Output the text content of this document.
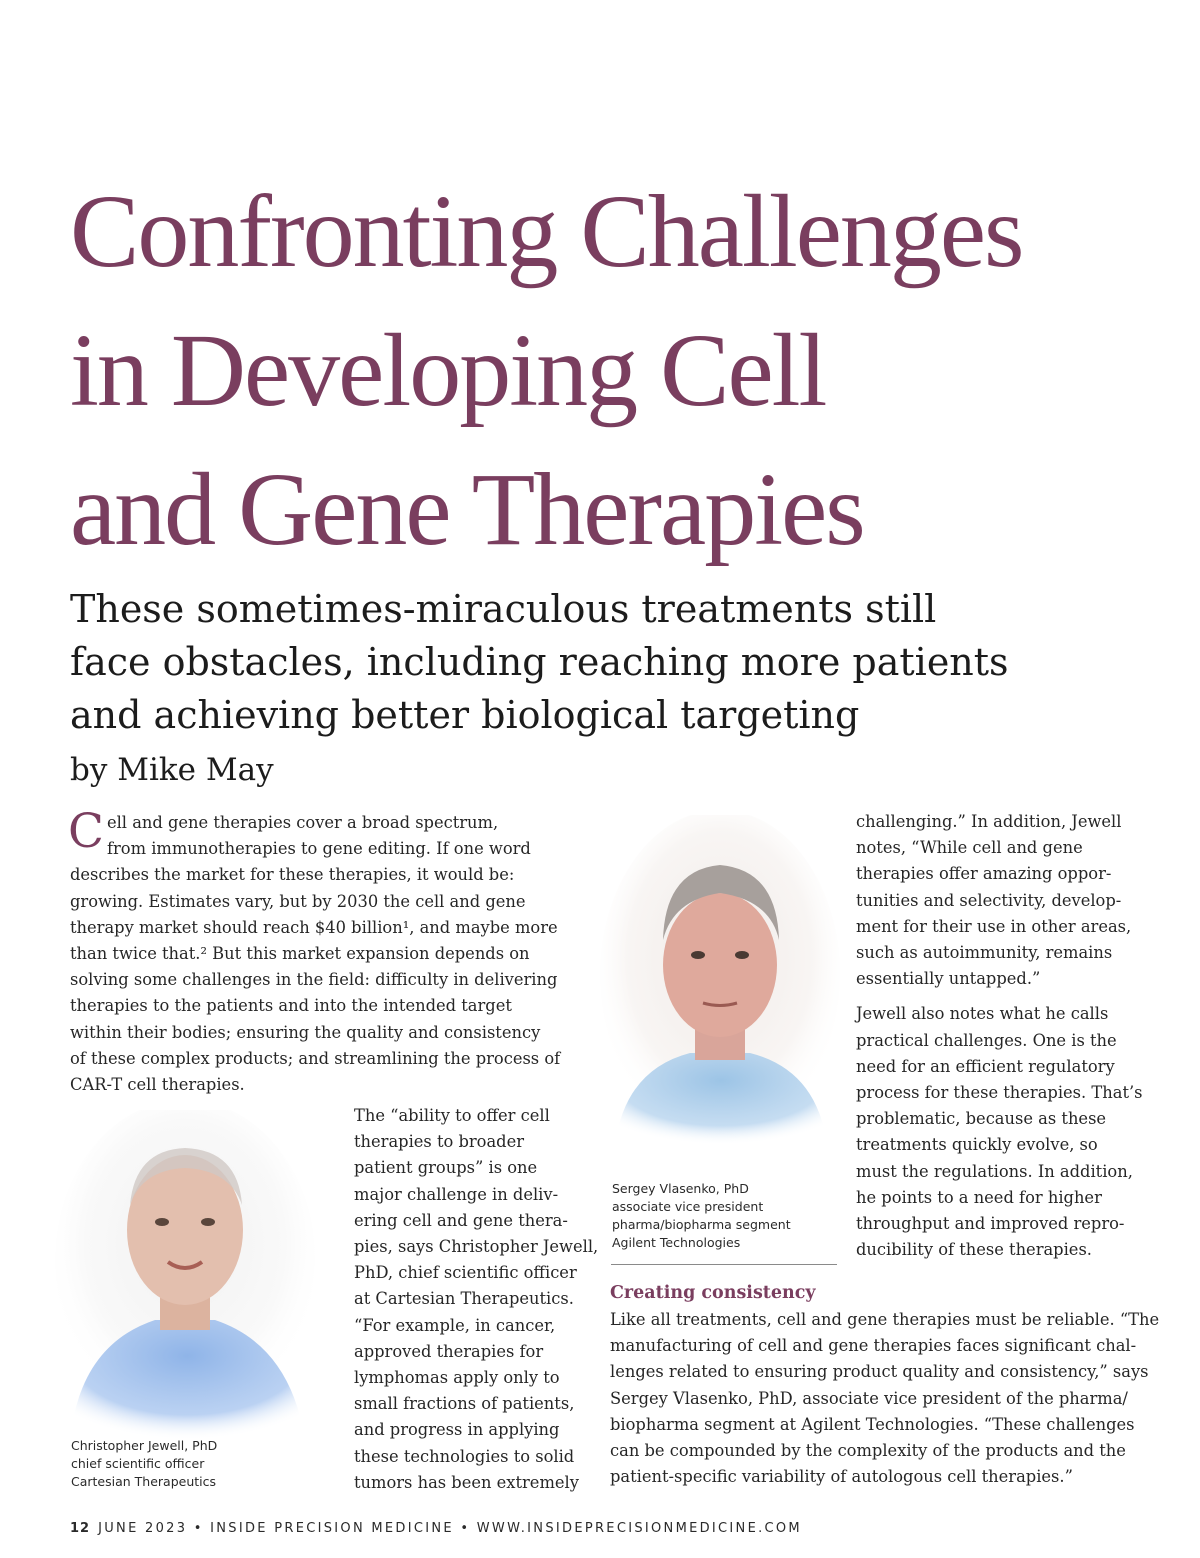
Confronting Challenges
in Developing Cell
and Gene Therapies
These sometimes-miraculous treatments still
face obstacles, including reaching more patients
and achieving better biological targeting

by Mike May

C ell and gene therapies cover a broad spectrum,
from immunotherapies to gene editing. If one word
describes the market for these therapies, it would be:
growing. Estimates vary, but by 2030 the cell and gene
therapy market should reach $40 billion¹, and maybe more
than twice that.² But this market expansion depends on
solving some challenges in the field: difficulty in delivering
therapies to the patients and into the intended target
within their bodies; ensuring the quality and consistency
of these complex products; and streamlining the process of
CAR-T cell therapies.
Christopher Jewell, PhD
chief scientific officer
Cartesian Therapeutics
The “ability to offer cell
therapies to broader
patient groups” is one
major challenge in deliv-
ering cell and gene thera-
pies, says Christopher Jewell,
PhD, chief scientific officer
at Cartesian Therapeutics.
“For example, in cancer,
approved therapies for
lymphomas apply only to
small fractions of patients,
and progress in applying
these technologies to solid
tumors has been extremely
Sergey Vlasenko, PhD
associate vice president
pharma/biopharma segment
Agilent Technologies
challenging.” In addition, Jewell
notes, “While cell and gene
therapies offer amazing oppor-
tunities and selectivity, develop-
ment for their use in other areas,
such as autoimmunity, remains
essentially untapped.”
Jewell also notes what he calls
practical challenges. One is the
need for an efficient regulatory
process for these therapies. That’s
problematic, because as these
treatments quickly evolve, so
must the regulations. In addition,
he points to a need for higher
throughput and improved repro-
ducibility of these therapies.
Creating consistency
Like all treatments, cell and gene therapies must be reliable. “The
manufacturing of cell and gene therapies faces significant chal-
lenges related to ensuring product quality and consistency,” says
Sergey Vlasenko, PhD, associate vice president of the pharma/
biopharma segment at Agilent Technologies. “These challenges
can be compounded by the complexity of the products and the
patient-specific variability of autologous cell therapies.”

12 JUNE 2023 • INSIDE PRECISION MEDICINE • WWW.INSIDEPRECISIONMEDICINE.COM
